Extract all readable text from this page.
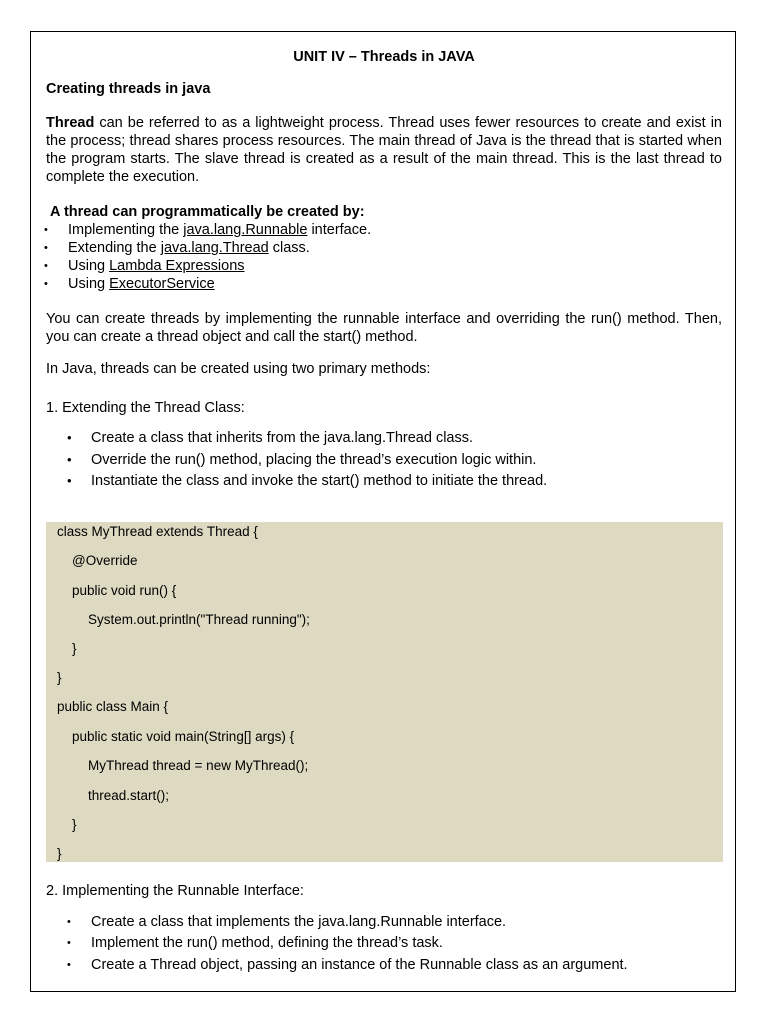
UNIT IV – Threads in JAVA
Creating threads in java
Thread can be referred to as a lightweight process. Thread uses fewer resources to create and exist in the process; thread shares process resources. The main thread of Java is the thread that is started when the program starts. The slave thread is created as a result of the main thread. This is the last thread to complete the execution.
A thread can programmatically be created by:
• Implementing the java.lang.Runnable interface.
• Extending the java.lang.Thread class.
• Using Lambda Expressions
• Using ExecutorService
You can create threads by implementing the runnable interface and overriding the run() method. Then, you can create a thread object and call the start() method.
In Java, threads can be created using two primary methods:
1. Extending the Thread Class:
• Create a class that inherits from the java.lang.Thread class.
• Override the run() method, placing the thread’s execution logic within.
• Instantiate the class and invoke the start() method to initiate the thread.
class MyThread extends Thread {
@Override
public void run() {
System.out.println("Thread running");
}
}
public class Main {
public static void main(String[] args) {
MyThread thread = new MyThread();
thread.start();
}
}
2. Implementing the Runnable Interface:
• Create a class that implements the java.lang.Runnable interface.
• Implement the run() method, defining the thread’s task.
• Create a Thread object, passing an instance of the Runnable class as an argument.
